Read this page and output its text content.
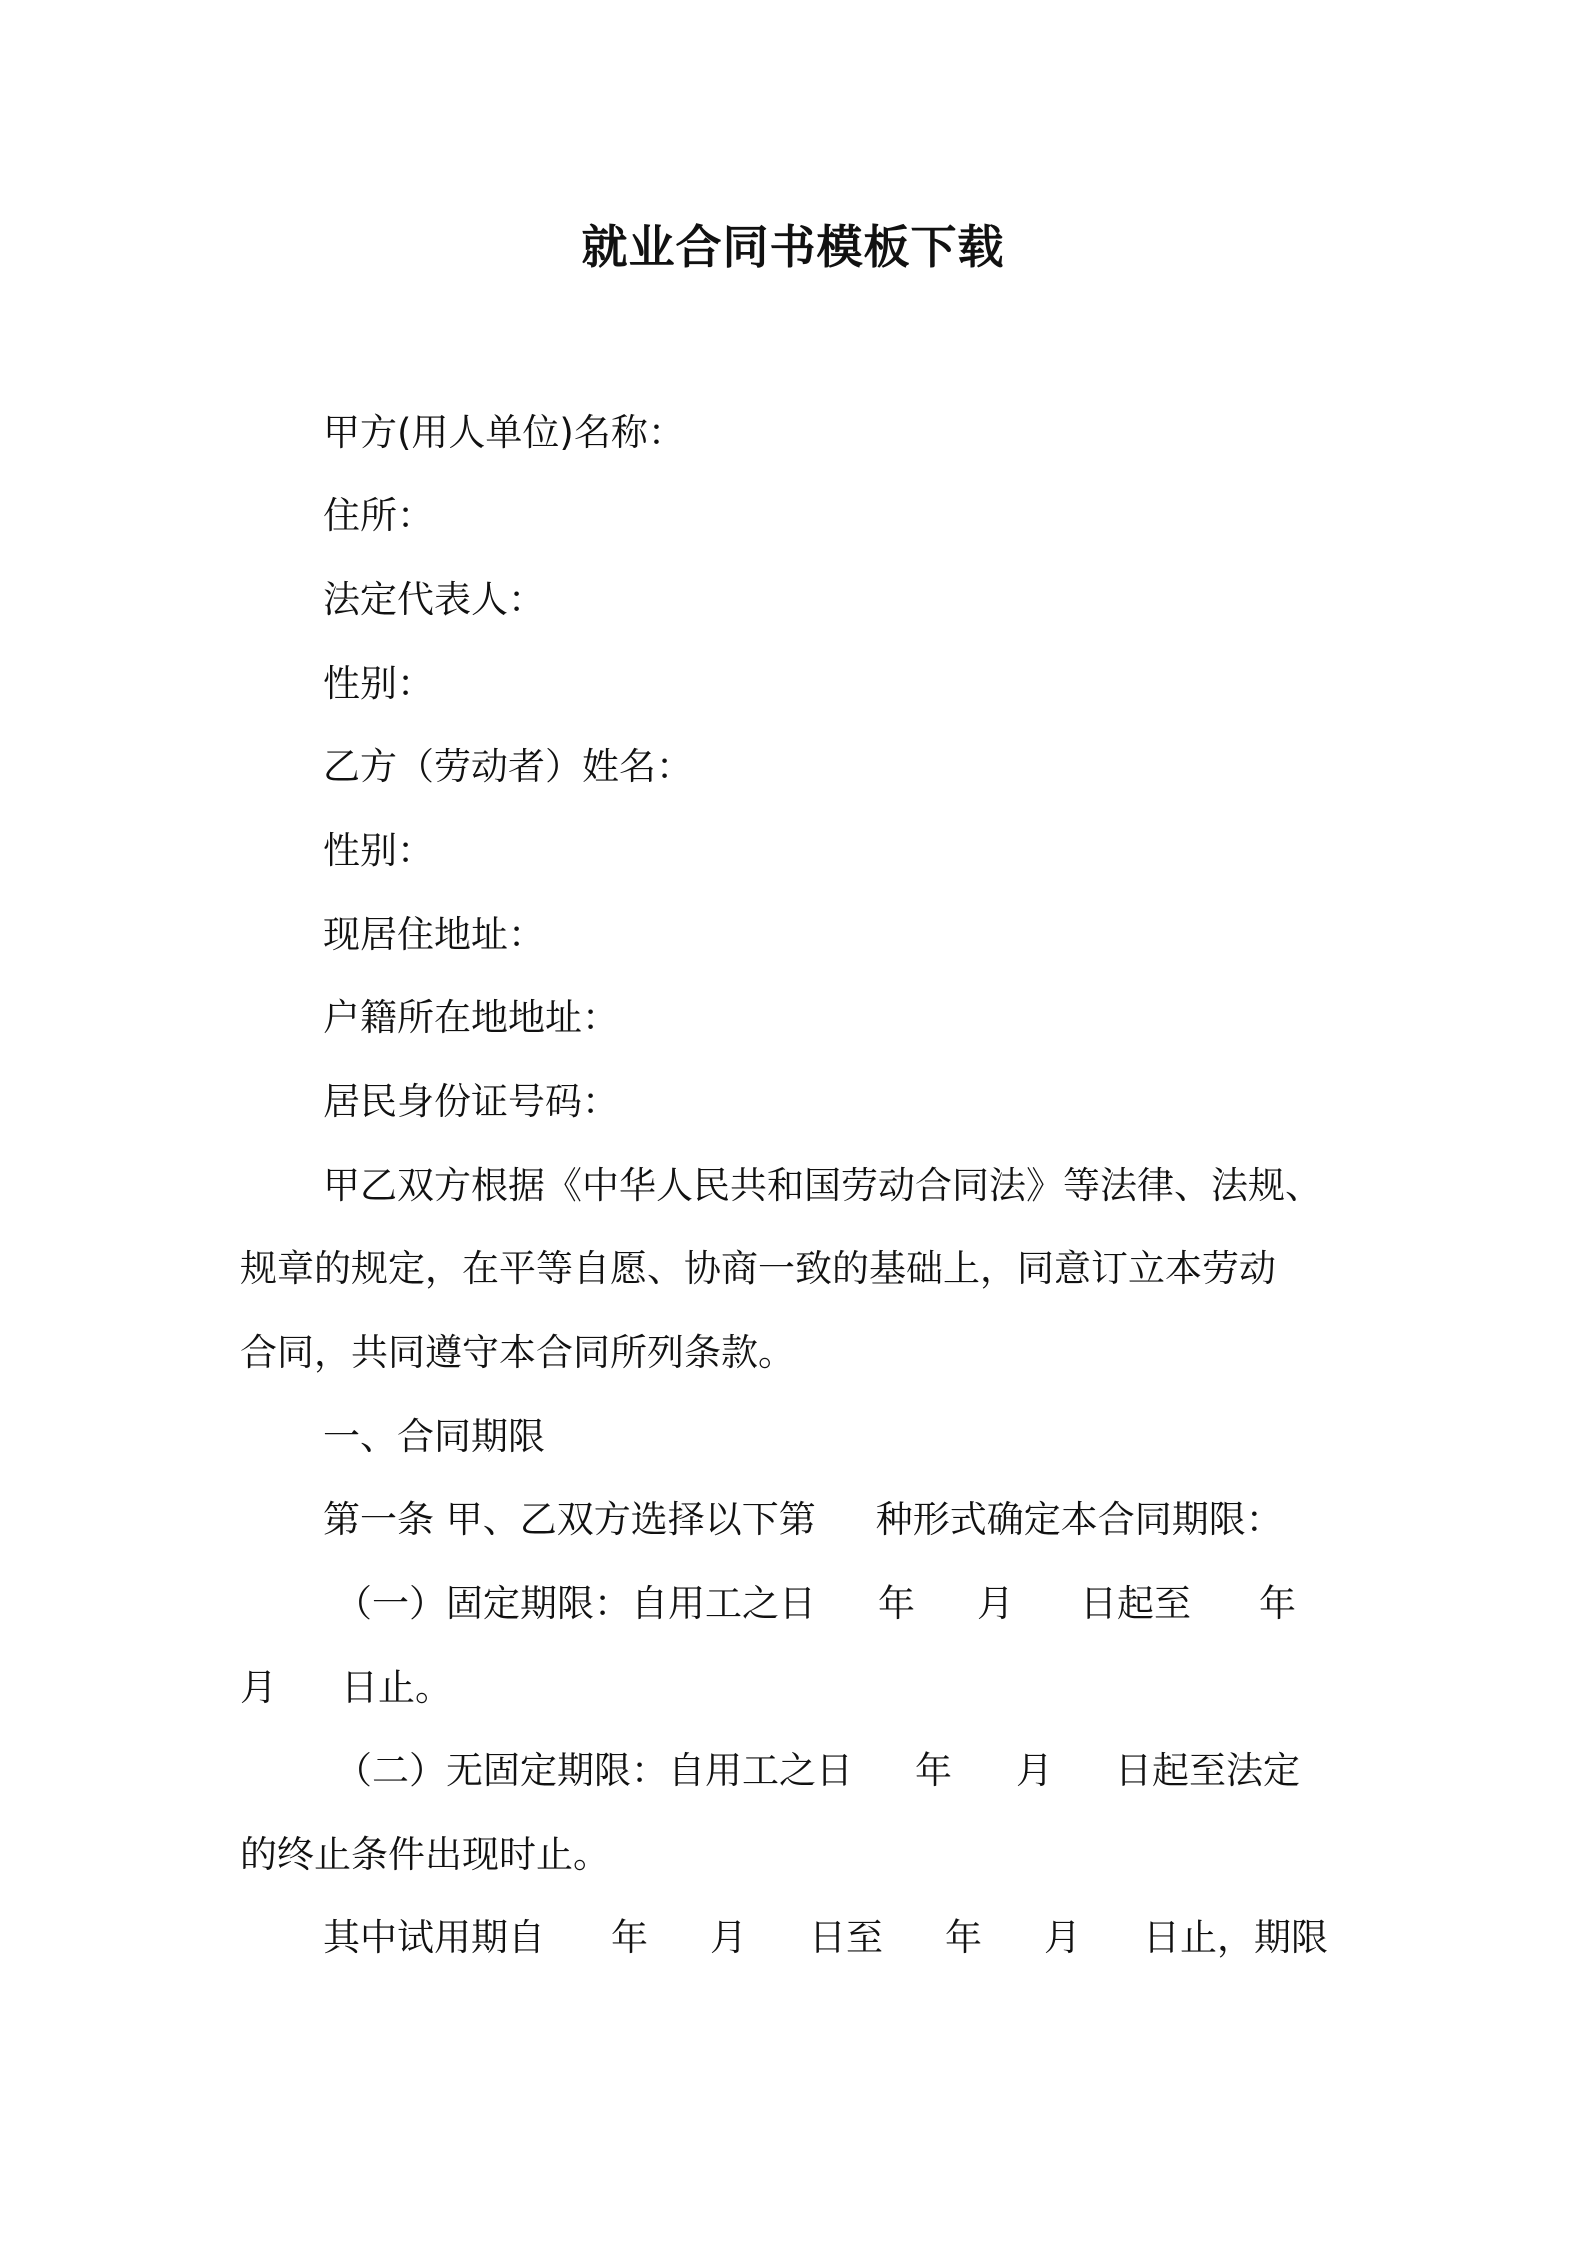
就业合同书模板下载
甲方(用人单位)名称：
住所：
法定代表人：
性别：
乙方（劳动者）姓名：
性别：
现居住地址：
户籍所在地地址：
居民身份证号码：
甲乙双方根据《中华人民共和国劳动合同法》等法律、法规、
规章的规定，在平等自愿、协商一致的基础上，同意订立本劳动
合同，共同遵守本合同所列条款。
一、合同期限
第一条 甲、乙双方选择以下第 种形式确定本合同期限：
（一）固定期限：自用工之日 年 月 日起至 年
月 日止。
（二）无固定期限：自用工之日 年 月 日起至法定
的终止条件出现时止。
其中试用期自 年 月 日至 年 月 日止，期限
